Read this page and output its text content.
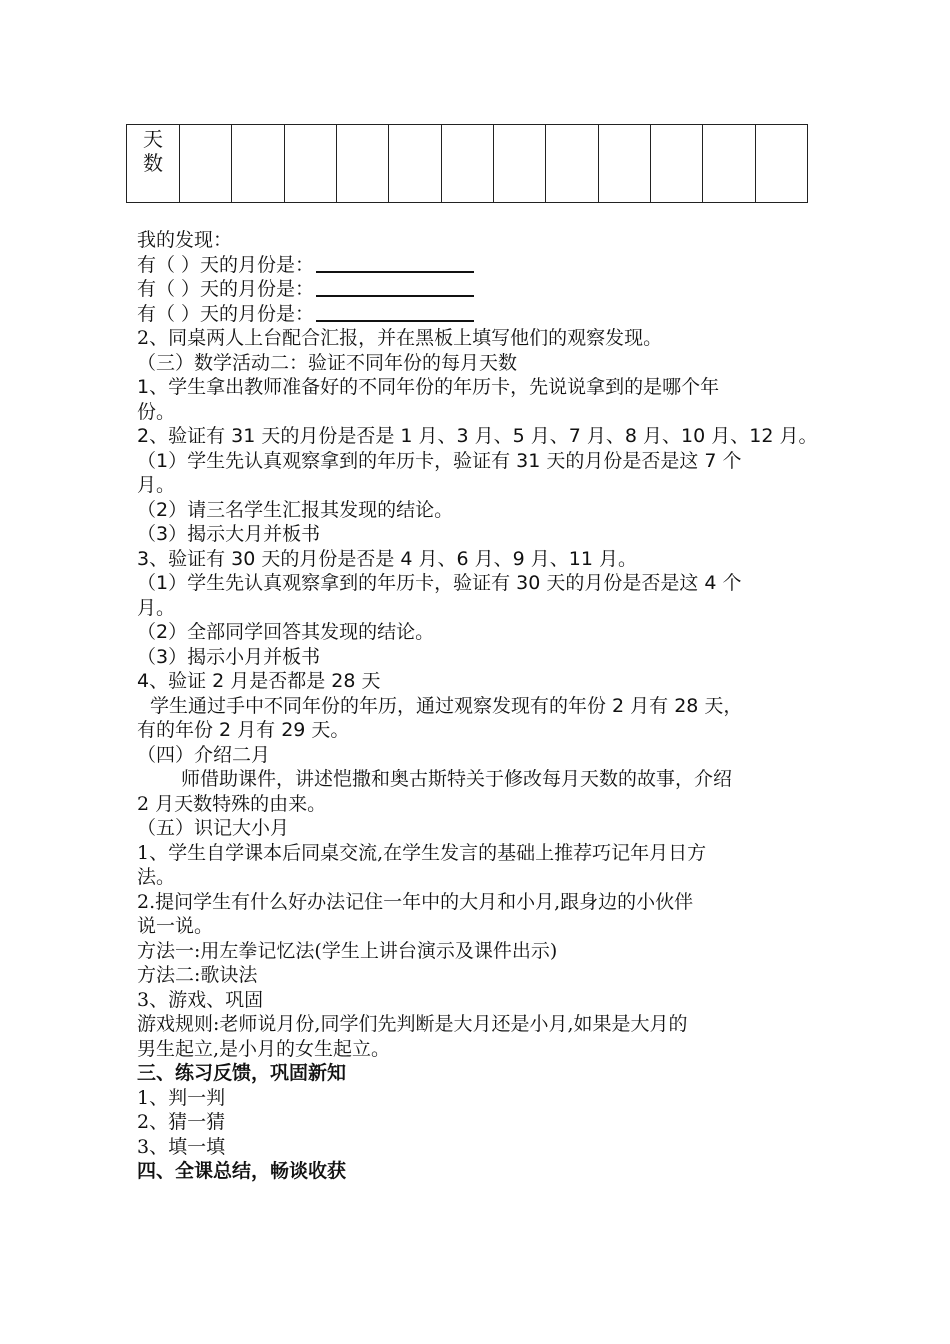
天数

我的发现：

有（ ）天的月份是：

有（ ）天的月份是：

有（ ）天的月份是：

2、同桌两人上台配合汇报，并在黑板上填写他们的观察发现。

（三）数学活动二：验证不同年份的每月天数

1、学生拿出教师准备好的不同年份的年历卡，先说说拿到的是哪个年

份。

2、验证有 31 天的月份是否是 1 月、3 月、5 月、7 月、8 月、10 月、12 月。

（1）学生先认真观察拿到的年历卡，验证有 31 天的月份是否是这 7 个

月。

（2）请三名学生汇报其发现的结论。

（3）揭示大月并板书

3、验证有 30 天的月份是否是 4 月、6 月、9 月、11 月。

（1）学生先认真观察拿到的年历卡，验证有 30 天的月份是否是这 4 个

月。

（2）全部同学回答其发现的结论。

（3）揭示小月并板书

4、验证 2 月是否都是 28 天

学生通过手中不同年份的年历，通过观察发现有的年份 2 月有 28 天，

有的年份 2 月有 29 天。

（四）介绍二月

师借助课件，讲述恺撒和奥古斯特关于修改每月天数的故事，介绍

2 月天数特殊的由来。

（五）识记大小月

1、学生自学课本后同桌交流,在学生发言的基础上推荐巧记年月日方

法。

2.提问学生有什么好办法记住一年中的大月和小月,跟身边的小伙伴

说一说。

方法一:用左拳记忆法(学生上讲台演示及课件出示)

方法二:歌诀法

3、游戏、巩固

游戏规则:老师说月份,同学们先判断是大月还是小月,如果是大月的

男生起立,是小月的女生起立。

三、练习反馈，巩固新知

1、判一判

2、猜一猜

3、填一填

四、全课总结，畅谈收获
